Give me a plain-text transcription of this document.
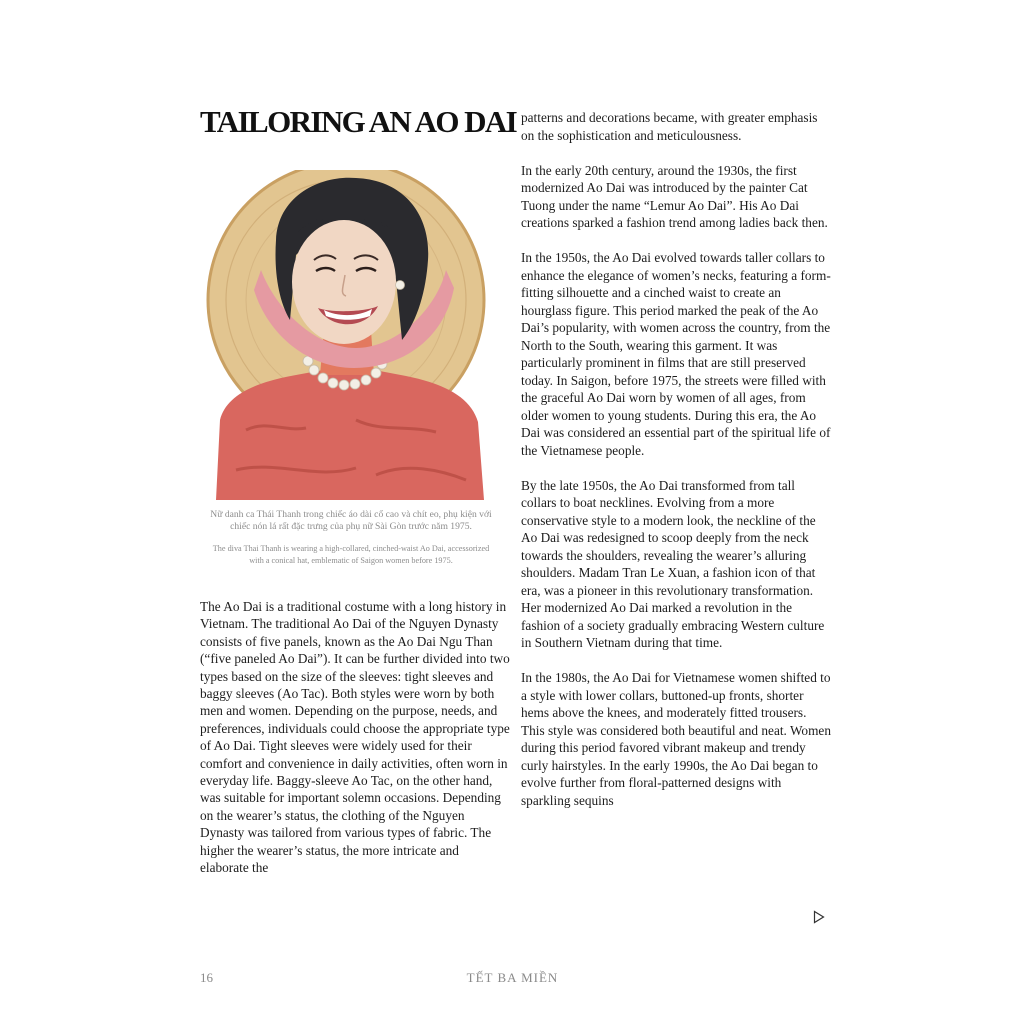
TAILORING AN AO DAI
Nữ danh ca Thái Thanh trong chiếc áo dài cổ cao và chít eo, phụ kiện với chiếc nón lá rất đặc trưng của phụ nữ Sài Gòn trước năm 1975.
The diva Thai Thanh is wearing a high-collared, cinched-waist Ao Dai, accessorized with a conical hat, emblematic of Saigon women before 1975.

The Ao Dai is a traditional costume with a long history in Vietnam. The traditional Ao Dai of the Nguyen Dynasty consists of five panels, known as the Ao Dai Ngu Than (“five paneled Ao Dai”). It can be further divided into two types based on the size of the sleeves: tight sleeves and baggy sleeves (Ao Tac). Both styles were worn by both men and women. Depending on the purpose, needs, and preferences, individuals could choose the appropriate type of Ao Dai. Tight sleeves were widely used for their comfort and convenience in daily activities, often worn in everyday life. Baggy-sleeve Ao Tac, on the other hand, was suitable for important solemn occasions. Depending on the wearer’s status, the clothing of the Nguyen Dynasty was tailored from various types of fabric. The higher the wearer’s status, the more intricate and elaborate the

patterns and decorations became, with greater emphasis on the sophistication and meticulousness.

In the early 20th century, around the 1930s, the first modernized Ao Dai was introduced by the painter Cat Tuong under the name “Lemur Ao Dai”. His Ao Dai creations sparked a fashion trend among ladies back then.

In the 1950s, the Ao Dai evolved towards taller collars to enhance the elegance of women’s necks, featuring a form-fitting silhouette and a cinched waist to create an hourglass figure. This period marked the peak of the Ao Dai’s popularity, with women across the country, from the North to the South, wearing this garment. It was particularly prominent in films that are still preserved today. In Saigon, before 1975, the streets were filled with the graceful Ao Dai worn by women of all ages, from older women to young students. During this era, the Ao Dai was considered an essential part of the spiritual life of the Vietnamese people.

By the late 1950s, the Ao Dai transformed from tall collars to boat necklines. Evolving from a more conservative style to a modern look, the neckline of the Ao Dai was redesigned to scoop deeply from the neck towards the shoulders, revealing the wearer’s alluring shoulders. Madam Tran Le Xuan, a fashion icon of that era, was a pioneer in this revolutionary transformation. Her modernized Ao Dai marked a revolution in the fashion of a society gradually embracing Western culture in Southern Vietnam during that time.

In the 1980s, the Ao Dai for Vietnamese women shifted to a style with lower collars, buttoned-up fronts, shorter hems above the knees, and moderately fitted trousers. This style was considered both beautiful and neat. Women during this period favored vibrant makeup and trendy curly hairstyles. In the early 1990s, the Ao Dai began to evolve further from floral-patterned designs with sparkling sequins

16	TẾT BA MIỀN
